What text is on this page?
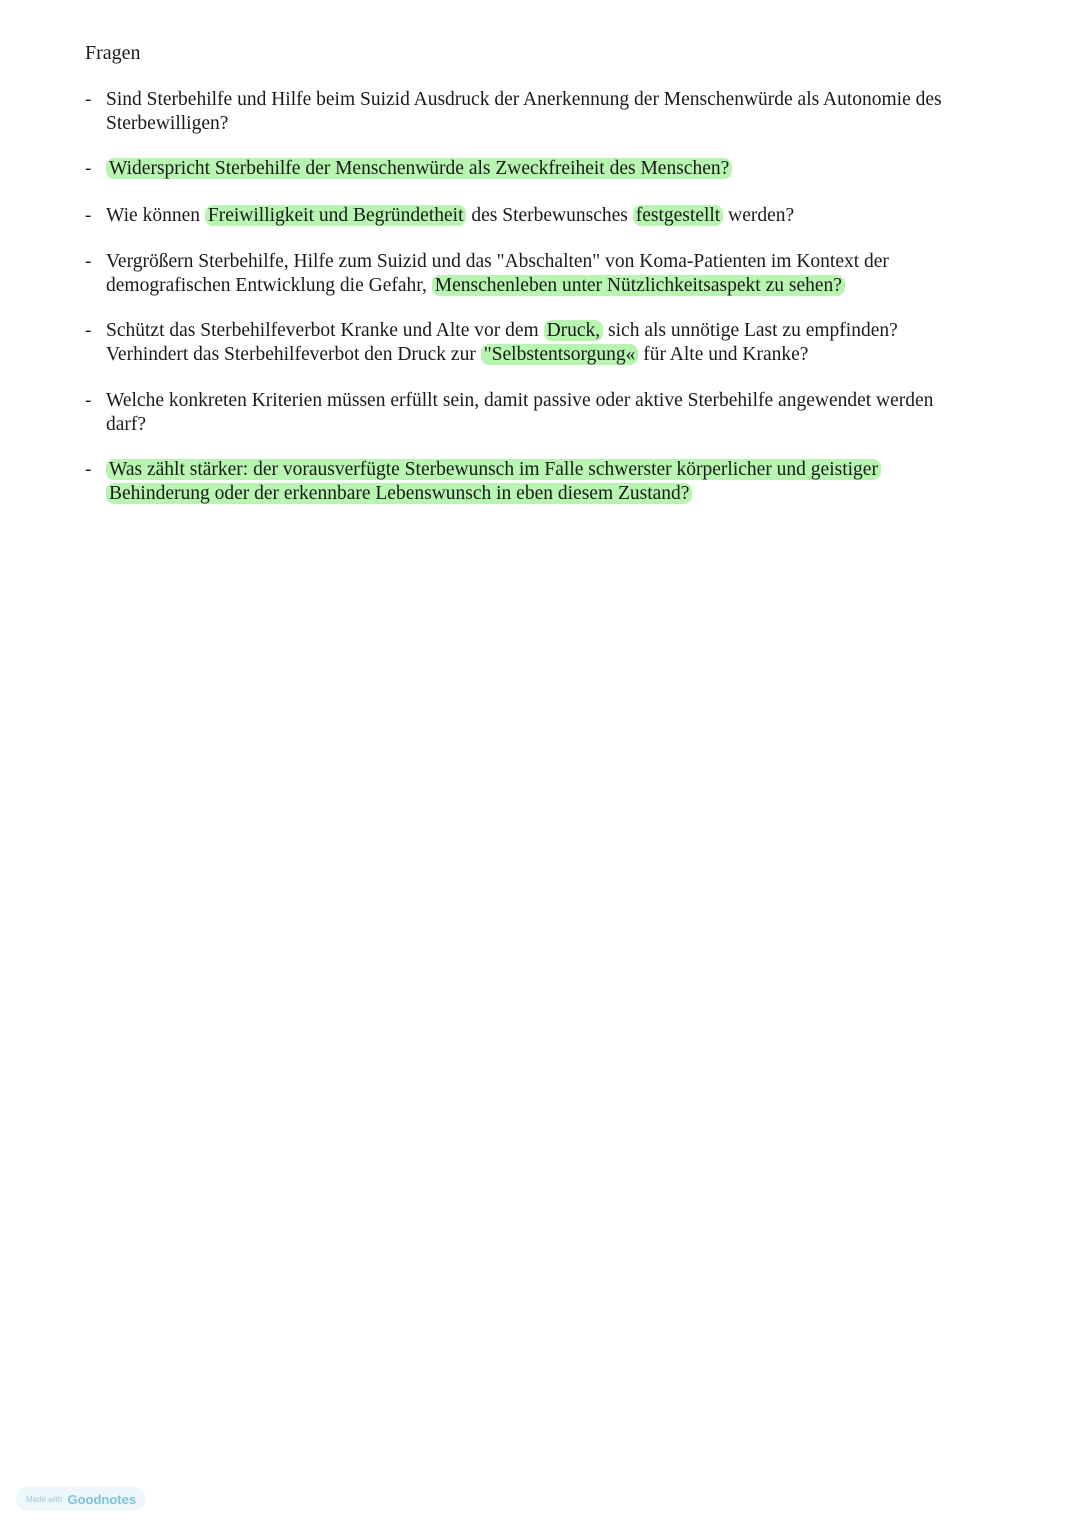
Fragen
- Sind Sterbehilfe und Hilfe beim Suizid Ausdruck der Anerkennung der Menschenwürde als Autonomie des Sterbewilligen?
- Widerspricht Sterbehilfe der Menschenwürde als Zweckfreiheit des Menschen?
- Wie können Freiwilligkeit und Begründetheit des Sterbewunsches festgestellt werden?
- Vergrößern Sterbehilfe, Hilfe zum Suizid und das "Abschalten" von Koma-Patienten im Kontext der demografischen Entwicklung die Gefahr, Menschenleben unter Nützlichkeitsaspekt zu sehen?
- Schützt das Sterbehilfeverbot Kranke und Alte vor dem Druck, sich als unnötige Last zu empfinden? Verhindert das Sterbehilfeverbot den Druck zur "Selbstentsorgung« für Alte und Kranke?
- Welche konkreten Kriterien müssen erfüllt sein, damit passive oder aktive Sterbehilfe angewendet werden darf?
- Was zählt stärker: der vorausverfügte Sterbewunsch im Falle schwerster körperlicher und geistiger Behinderung oder der erkennbare Lebenswunsch in eben diesem Zustand?
Made with Goodnotes
